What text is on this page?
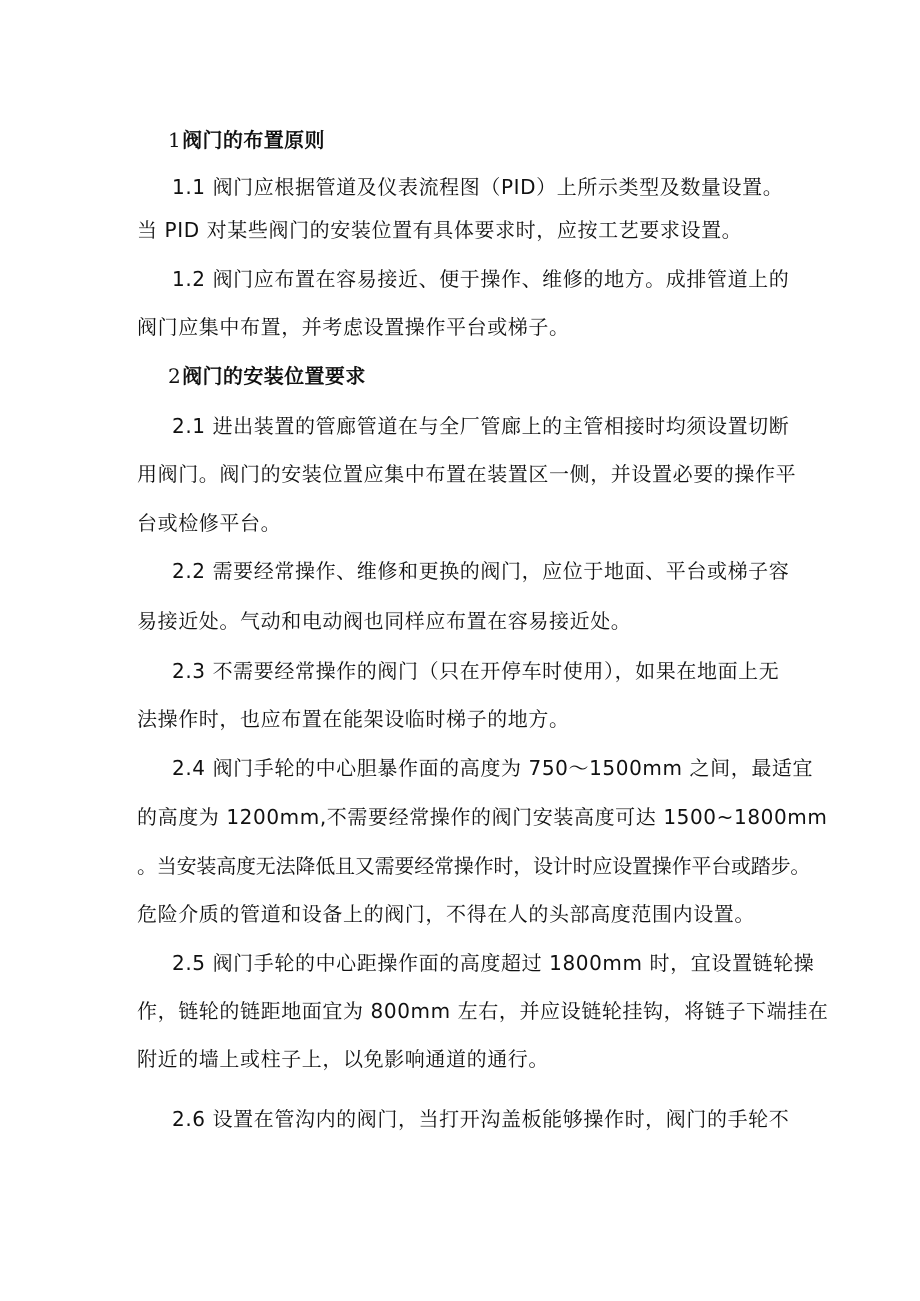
1阀门的布置原则
1.1 阀门应根据管道及仪表流程图（PID）上所示类型及数量设置。
当 PID 对某些阀门的安装位置有具体要求时，应按工艺要求设置。
1.2 阀门应布置在容易接近、便于操作、维修的地方。成排管道上的
阀门应集中布置，并考虑设置操作平台或梯子。
2阀门的安装位置要求
2.1 进出装置的管廊管道在与全厂管廊上的主管相接时均须设置切断
用阀门。阀门的安装位置应集中布置在装置区一侧，并设置必要的操作平
台或检修平台。
2.2 需要经常操作、维修和更换的阀门，应位于地面、平台或梯子容
易接近处。气动和电动阀也同样应布置在容易接近处。
2.3 不需要经常操作的阀门（只在开停车时使用），如果在地面上无
法操作时，也应布置在能架设临时梯子的地方。
2.4 阀门手轮的中心胆暴作面的高度为 750～1500mm 之间，最适宜
的高度为 1200mm,不需要经常操作的阀门安装高度可达 1500~1800mm
。当安装高度无法降低且又需要经常操作时，设计时应设置操作平台或踏步。
危险介质的管道和设备上的阀门，不得在人的头部高度范围内设置。
2.5 阀门手轮的中心距操作面的高度超过 1800mm 时，宜设置链轮操
作，链轮的链距地面宜为 800mm 左右，并应设链轮挂钩，将链子下端挂在
附近的墙上或柱子上，以免影响通道的通行。
2.6 设置在管沟内的阀门，当打开沟盖板能够操作时，阀门的手轮不
